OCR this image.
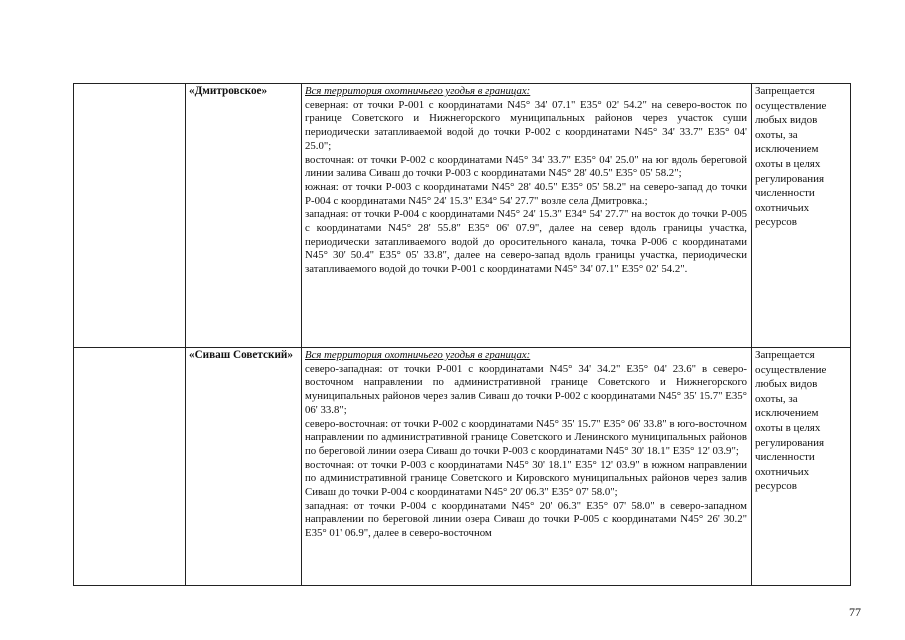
	«Дмитровское»	Вся территория охотничьего угодья в границах:
северная: от точки Р-001 с координатами N45° 34' 07.1" E35° 02' 54.2" на северо-восток по границе Советского и Нижнегорского муниципальных районов через участок суши периодически затапливаемой водой до точки Р-002 с координатами N45° 34' 33.7" E35° 04' 25.0";
восточная: от точки Р-002 с координатами N45° 34' 33.7" E35° 04' 25.0" на юг вдоль береговой линии залива Сиваш до точки Р-003 с координатами N45° 28' 40.5" E35° 05' 58.2";
южная: от точки Р-003 с координатами N45° 28' 40.5" E35° 05' 58.2" на северо-запад до точки Р-004 с координатами N45° 24' 15.3" E34° 54' 27.7" возле села Дмитровка.;
западная: от точки Р-004 с координатами N45° 24' 15.3" E34° 54' 27.7" на восток до точки Р-005 с координатами N45° 28' 55.8" E35° 06' 07.9", далее на север вдоль границы участка, периодически затапливаемого водой до оросительного канала, точка Р-006 с координатами N45° 30' 50.4" E35° 05' 33.8", далее на северо-запад вдоль границы участка, периодически затапливаемого водой до точки Р-001 с координатами N45° 34' 07.1" E35° 02' 54.2".	Запрещается осуществление любых видов охоты, за исключением охоты в целях регулирования численности охотничьих ресурсов
	«Сиваш Советский»	Вся территория охотничьего угодья в границах:
северо-западная: от точки Р-001 с координатами N45° 34' 34.2" E35° 04' 23.6" в северо-восточном направлении по административной границе Советского и Нижнегорского муниципальных районов через залив Сиваш до точки Р-002 с координатами N45° 35' 15.7" E35° 06' 33.8";
северо-восточная: от точки Р-002 с координатами N45° 35' 15.7" E35° 06' 33.8" в юго-восточном направлении по административной границе Советского и Ленинского муниципальных районов по береговой линии озера Сиваш до точки Р-003 с координатами N45° 30' 18.1" E35° 12' 03.9";
восточная: от точки Р-003 с координатами N45° 30' 18.1" E35° 12' 03.9" в южном направлении по административной границе Советского и Кировского муниципальных районов через залив Сиваш до точки Р-004 с координатами N45° 20' 06.3" E35° 07' 58.0";
западная: от точки Р-004 с координатами N45° 20' 06.3" E35° 07' 58.0" в северо-западном направлении по береговой линии озера Сиваш до точки Р-005 с координатами N45° 26' 30.2" E35° 01' 06.9", далее в северо-восточном	Запрещается осуществление любых видов охоты, за исключением охоты в целях регулирования численности охотничьих ресурсов
77
